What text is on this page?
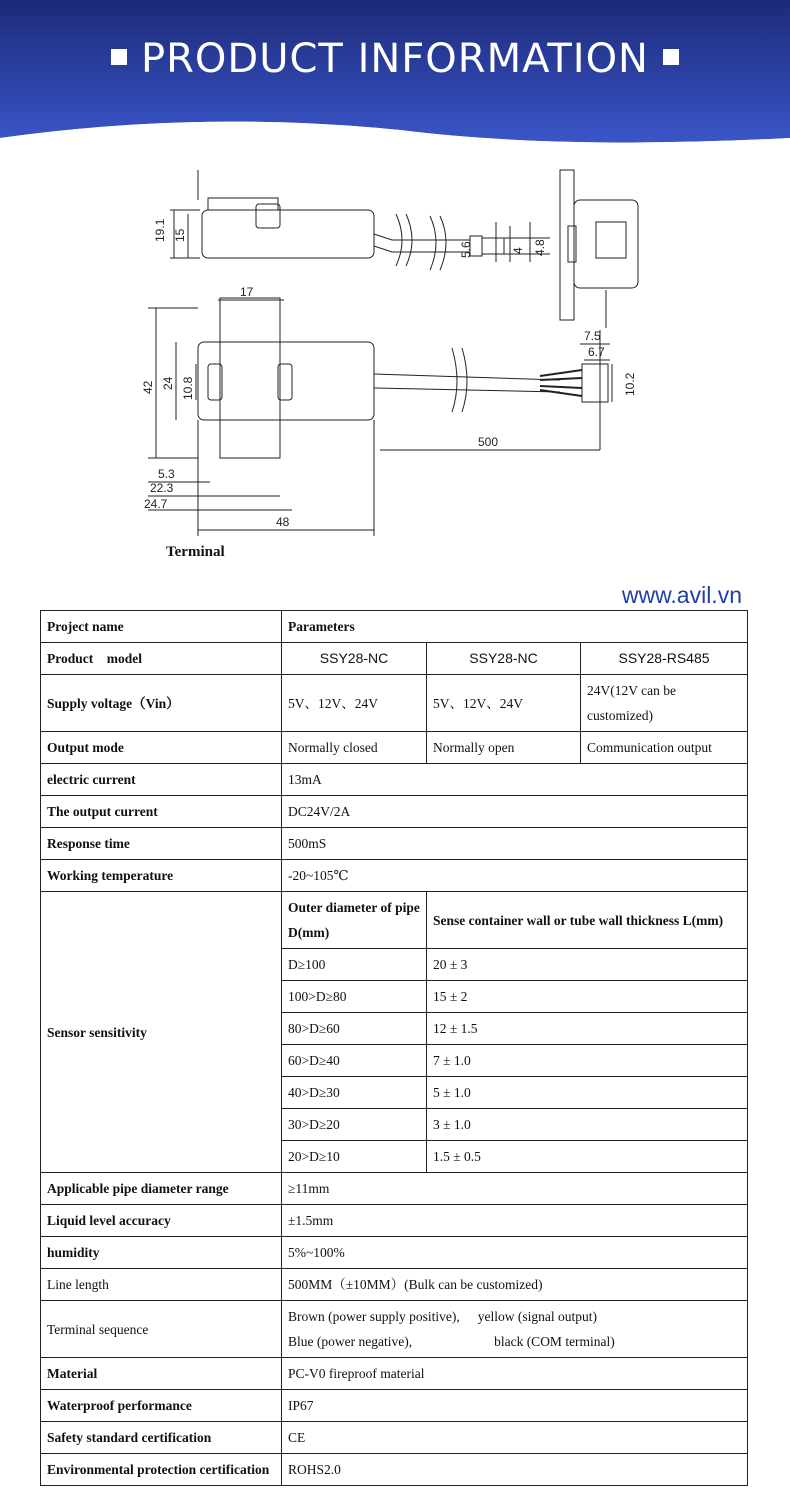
PRODUCT INFORMATION
19.1 15
5.6	4 4.8
17
42 24 10.8
7.5
6.7
10.2
500
5.3
22.3
24.7
48
Terminal
www.avil.vn
Project name	Parameters		
Product    model	SSY28-NC	SSY28-NC	SSY28-RS485
Supply voltage（Vin）	5V、12V、24V	5V、12V、24V	24V(12V can be customized)
Output mode	Normally closed	Normally open	Communication output
electric current	13mA		
The output current	DC24V/2A		
Response time	500mS		
Working temperature	-20~105℃		
Sensor sensitivity	Outer diameter of pipe D(mm)	Sense container wall or tube wall thickness L(mm)	
	D≥100	20 ± 3	
	100>D≥80	15 ± 2	
	80>D≥60	12 ± 1.5	
	60>D≥40	7 ± 1.0	
	40>D≥30	5 ± 1.0	
	30>D≥20	3 ± 1.0	
	20>D≥10	1.5 ± 0.5	
Applicable pipe diameter range	≥11mm		
Liquid level accuracy	±1.5mm		
humidity	5%~100%		
Line length	500MM（±10MM）(Bulk can be customized)		
Terminal sequence	Brown (power supply positive), yellow (signal output)
Blue (power negative), black (COM terminal)		

Material	PC-V0 fireproof material		
Waterproof performance	IP67		
Safety standard certification	CE		
Environmental protection certification	ROHS2.0		
